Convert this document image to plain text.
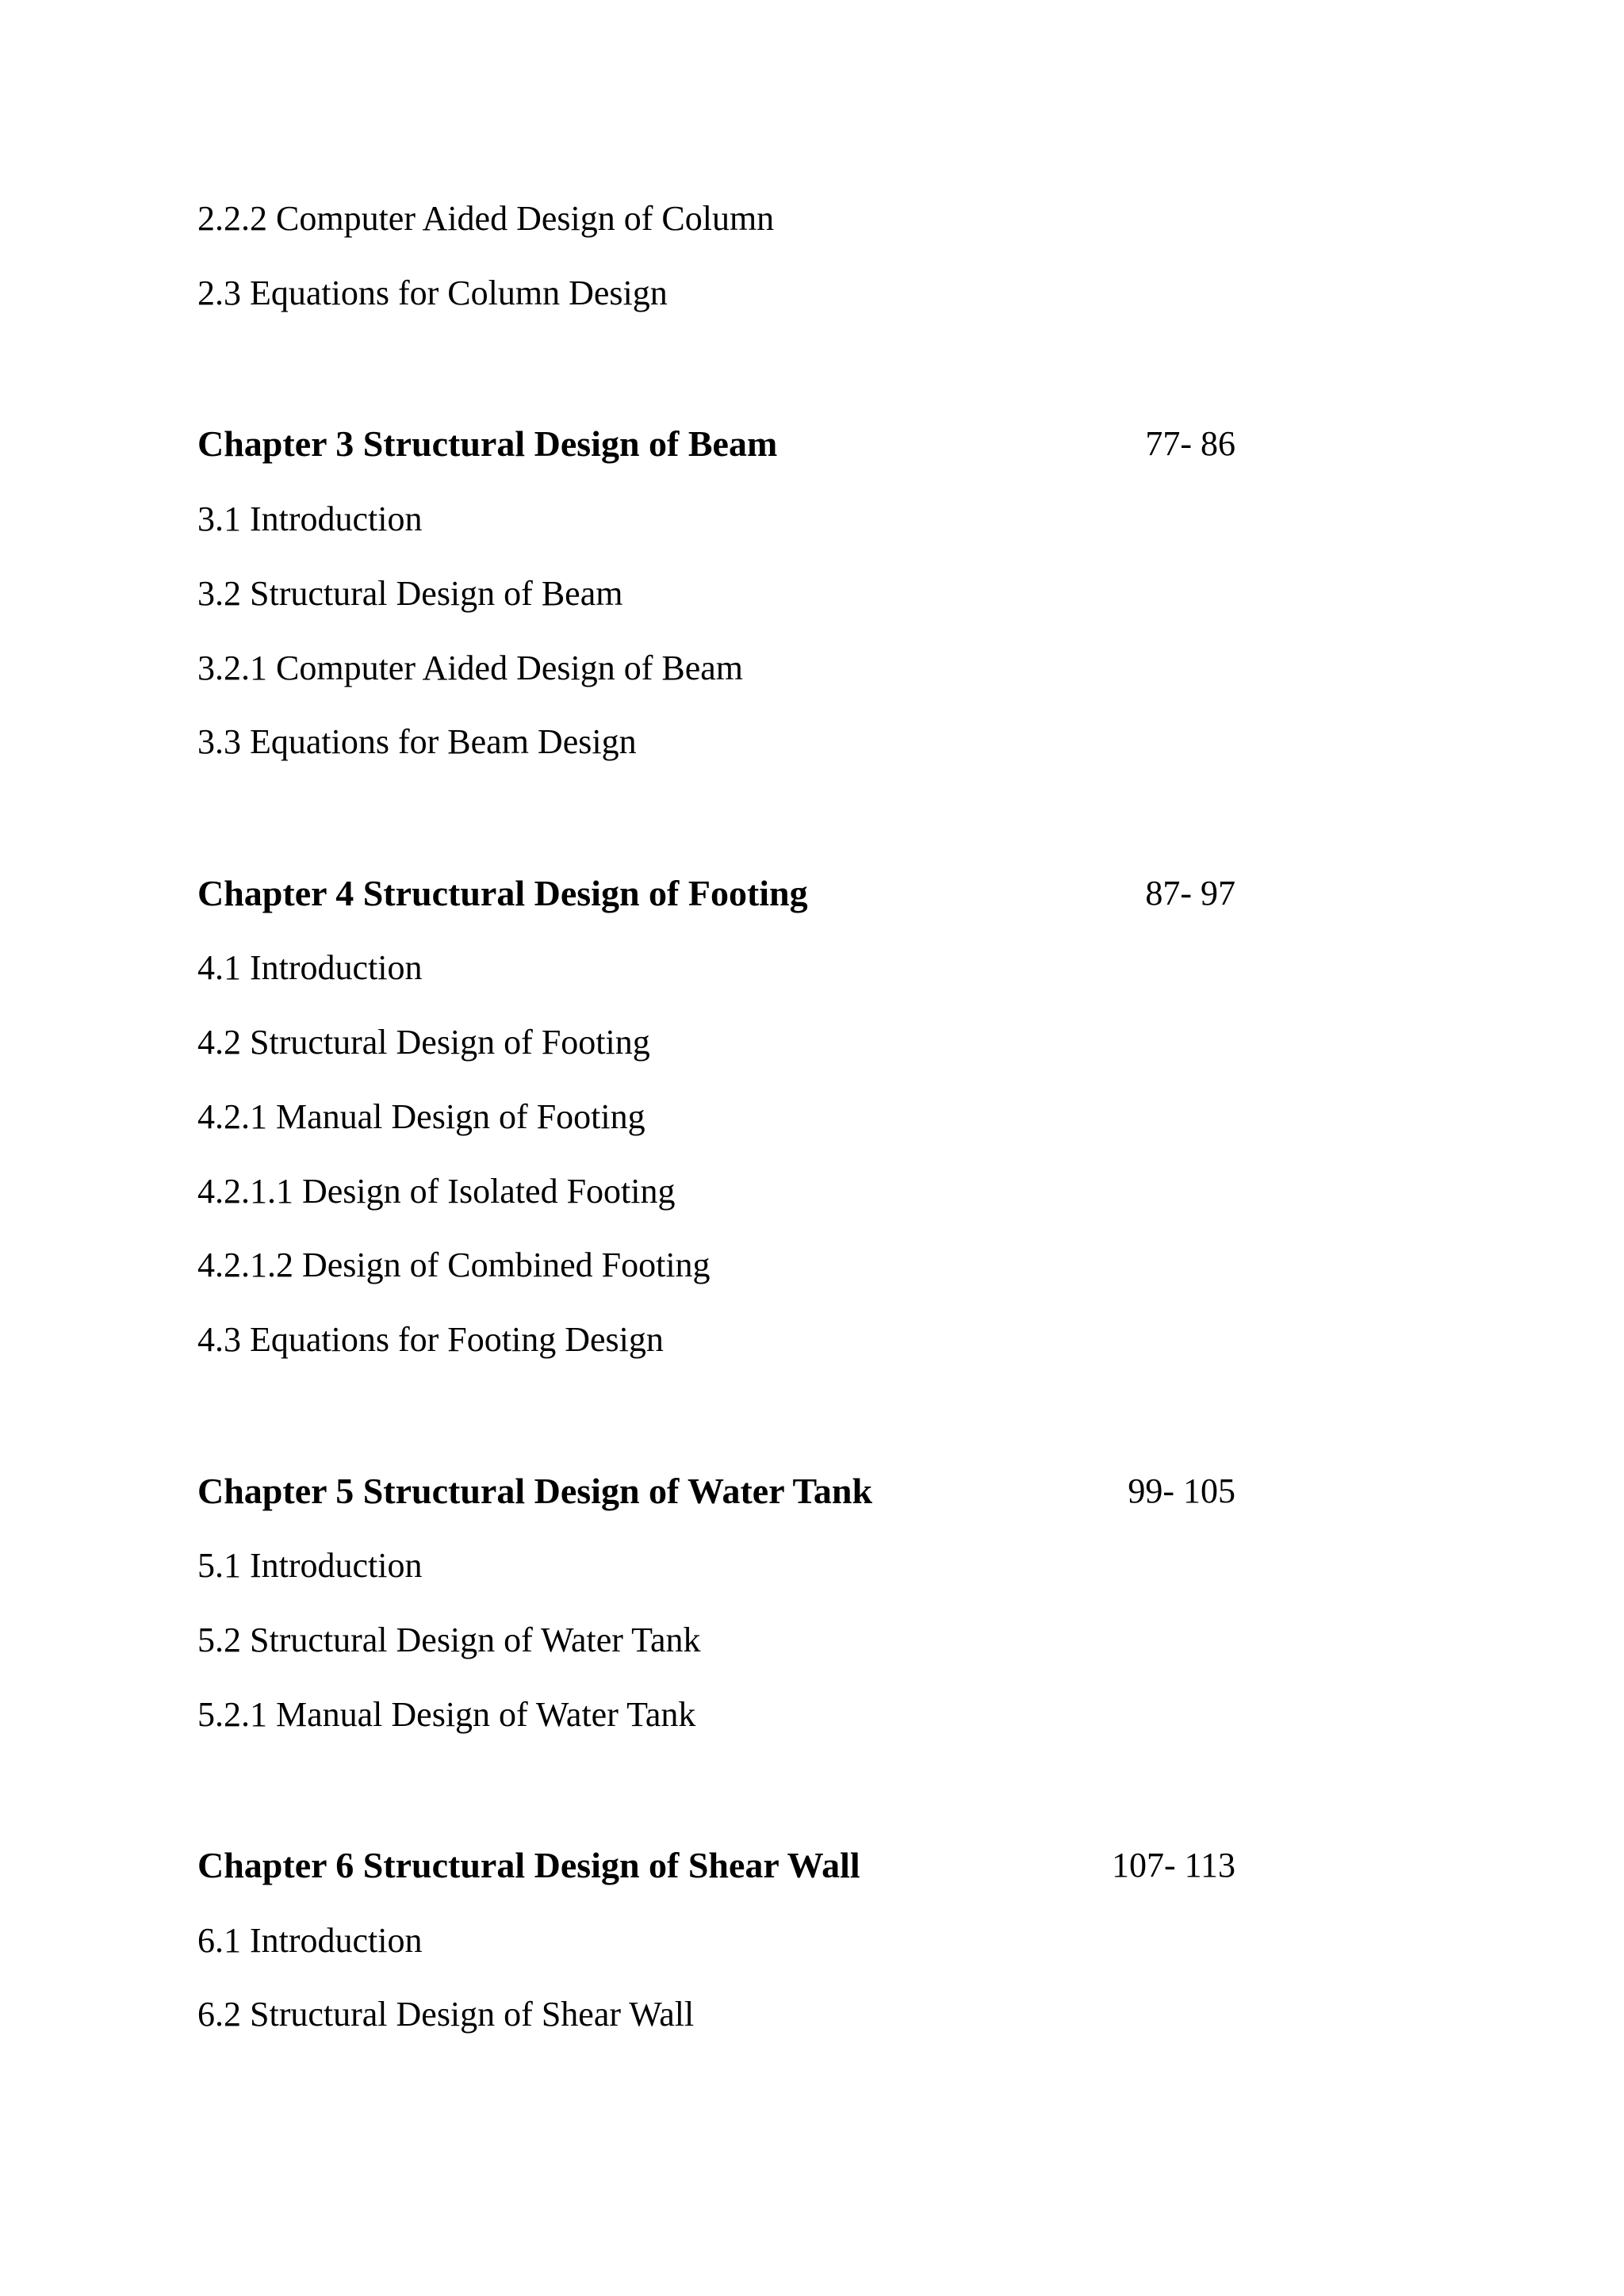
2.2.2 Computer Aided Design of Column
2.3 Equations for Column Design
Chapter 3 Structural Design of Beam	77- 86
3.1 Introduction
3.2 Structural Design of Beam
3.2.1 Computer Aided Design of Beam
3.3 Equations for Beam Design
Chapter 4 Structural Design of Footing	87- 97
4.1 Introduction
4.2 Structural Design of Footing
4.2.1 Manual Design of Footing
4.2.1.1 Design of Isolated Footing
4.2.1.2 Design of Combined Footing
4.3 Equations for Footing Design
Chapter 5 Structural Design of Water Tank	99- 105
5.1 Introduction
5.2 Structural Design of Water Tank
5.2.1 Manual Design of Water Tank
Chapter 6 Structural Design of Shear Wall	107- 113
6.1 Introduction
6.2 Structural Design of Shear Wall
